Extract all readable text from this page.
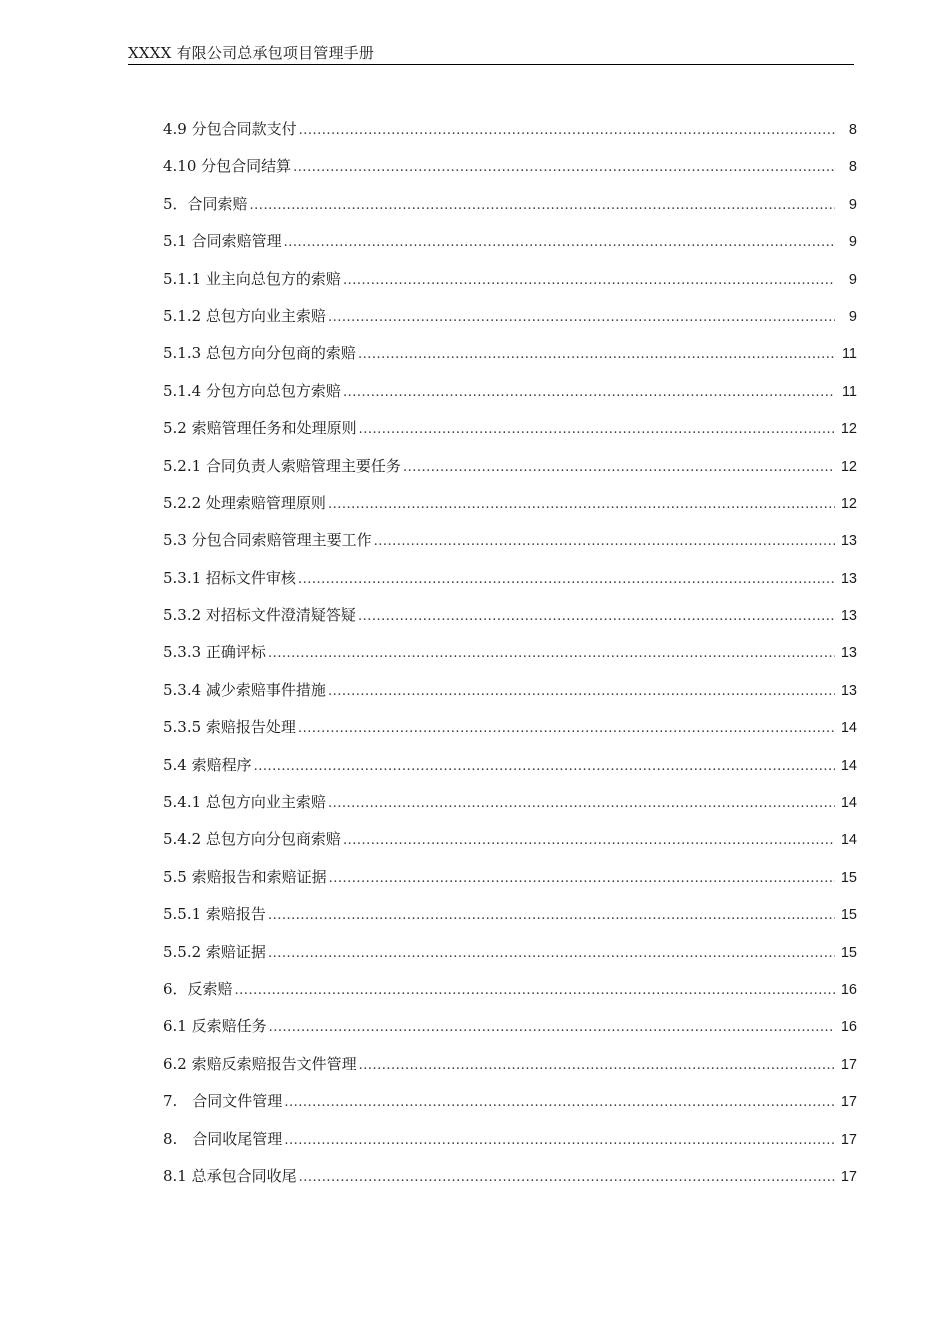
XXXX 有限公司总承包项目管理手册
4.9 分包合同款支付 .....	8
4.10 分包合同结算 .....	8
5．合同索赔 .....	9
5.1 合同索赔管理 .....	9
5.1.1 业主向总包方的索赔 .....	9
5.1.2 总包方向业主索赔 .....	9
5.1.3 总包方向分包商的索赔 .....	11
5.1.4 分包方向总包方索赔 .....	11
5.2 索赔管理任务和处理原则 .....	12
5.2.1 合同负责人索赔管理主要任务 .....	12
5.2.2 处理索赔管理原则 .....	12
5.3 分包合同索赔管理主要工作 .....	13
5.3.1 招标文件审核 .....	13
5.3.2 对招标文件澄清疑答疑 .....	13
5.3.3 正确评标 .....	13
5.3.4 减少索赔事件措施 .....	13
5.3.5 索赔报告处理 .....	14
5.4 索赔程序 .....	14
5.4.1 总包方向业主索赔 .....	14
5.4.2 总包方向分包商索赔 .....	14
5.5 索赔报告和索赔证据 .....	15
5.5.1 索赔报告 .....	15
5.5.2 索赔证据 .....	15
6．反索赔 .....	16
6.1 反索赔任务 .....	16
6.2 索赔反索赔报告文件管理 .....	17
7.　合同文件管理 .....	17
8.　合同收尾管理 .....	17
8.1 总承包合同收尾 .....	17
